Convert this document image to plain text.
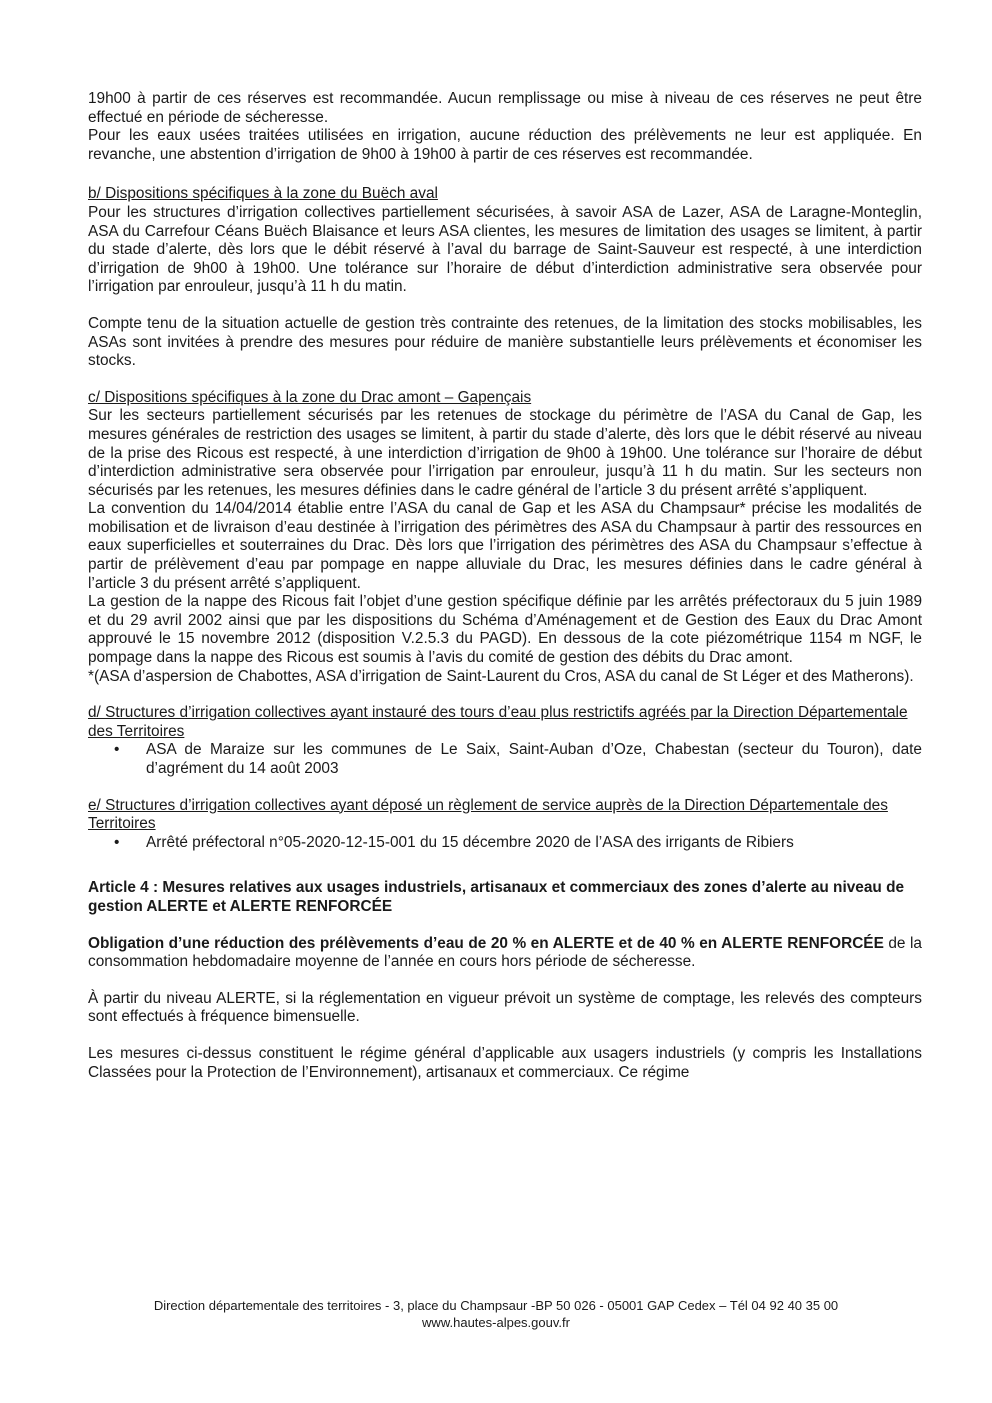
19h00 à partir de ces réserves est recommandée. Aucun remplissage ou mise à niveau de ces réserves ne peut être effectué en période de sécheresse.

Pour les eaux usées traitées utilisées en irrigation, aucune réduction des prélèvements ne leur est appliquée. En revanche, une abstention d’irrigation de 9h00 à 19h00 à partir de ces réserves est recommandée.

b/ Dispositions spécifiques à la zone du Buëch aval

Pour les structures d’irrigation collectives partiellement sécurisées, à savoir ASA de Lazer, ASA de Laragne-Monteglin, ASA du Carrefour Céans Buëch Blaisance et leurs ASA clientes, les mesures de limitation des usages se limitent, à partir du stade d’alerte, dès lors que le débit réservé à l’aval du barrage de Saint-Sauveur est respecté, à une interdiction d’irrigation de 9h00 à 19h00. Une tolérance sur l’horaire de début d’interdiction administrative sera observée pour l’irrigation par enrouleur, jusqu’à 11 h du matin.

Compte tenu de la situation actuelle de gestion très contrainte des retenues, de la limitation des stocks mobilisables, les ASAs sont invitées à prendre des mesures pour réduire de manière substantielle leurs prélèvements et économiser les stocks.

c/ Dispositions spécifiques à la zone du Drac amont – Gapençais

Sur les secteurs partiellement sécurisés par les retenues de stockage du périmètre de l’ASA du Canal de Gap, les mesures générales de restriction des usages se limitent, à partir du stade d’alerte, dès lors que le débit réservé au niveau de la prise des Ricous est respecté, à une interdiction d’irrigation de 9h00 à 19h00. Une tolérance sur l’horaire de début d’interdiction administrative sera observée pour l’irrigation par enrouleur, jusqu’à 11 h du matin. Sur les secteurs non sécurisés par les retenues, les mesures définies dans le cadre général de l’article 3 du présent arrêté s’appliquent.

La convention du 14/04/2014 établie entre l’ASA du canal de Gap et les ASA du Champsaur* précise les modalités de mobilisation et de livraison d’eau destinée à l’irrigation des périmètres des ASA du Champsaur à partir des ressources en eaux superficielles et souterraines du Drac. Dès lors que l’irrigation des périmètres des ASA du Champsaur s’effectue à partir de prélèvement d’eau par pompage en nappe alluviale du Drac, les mesures définies dans le cadre général à l’article 3 du présent arrêté s’appliquent.

La gestion de la nappe des Ricous fait l’objet d’une gestion spécifique définie par les arrêtés préfectoraux du 5 juin 1989 et du 29 avril 2002 ainsi que par les dispositions du Schéma d’Aménagement et de Gestion des Eaux du Drac Amont approuvé le 15 novembre 2012 (disposition V.2.5.3 du PAGD). En dessous de la cote piézométrique 1154 m NGF, le pompage dans la nappe des Ricous est soumis à l’avis du comité de gestion des débits du Drac amont.

*(ASA d’aspersion de Chabottes, ASA d’irrigation de Saint-Laurent du Cros, ASA du canal de St Léger et des Matherons).

d/ Structures d’irrigation collectives ayant instauré des tours d’eau plus restrictifs agréés par la Direction Départementale des Territoires

• ASA de Maraize sur les communes de Le Saix, Saint-Auban d’Oze, Chabestan (secteur du Touron), date d’agrément du 14 août 2003

e/ Structures d’irrigation collectives ayant déposé un règlement de service auprès de la Direction Départementale des Territoires

• Arrêté préfectoral n°05-2020-12-15-001 du 15 décembre 2020 de l’ASA des irrigants de Ribiers

Article 4 : Mesures relatives aux usages industriels, artisanaux et commerciaux des zones d’alerte au niveau de gestion ALERTE et ALERTE RENFORCÉE

Obligation d’une réduction des prélèvements d’eau de 20 % en ALERTE et de 40 % en ALERTE RENFORCÉE de la consommation hebdomadaire moyenne de l’année en cours hors période de sécheresse.

À partir du niveau ALERTE, si la réglementation en vigueur prévoit un système de comptage, les relevés des compteurs sont effectués à fréquence bimensuelle.

Les mesures ci-dessus constituent le régime général d’applicable aux usagers industriels (y compris les Installations Classées pour la Protection de l’Environnement), artisanaux et commerciaux. Ce régime

Direction départementale des territoires - 3, place du Champsaur -BP 50 026 - 05001 GAP Cedex – Tél 04 92 40 35 00
www.hautes-alpes.gouv.fr
